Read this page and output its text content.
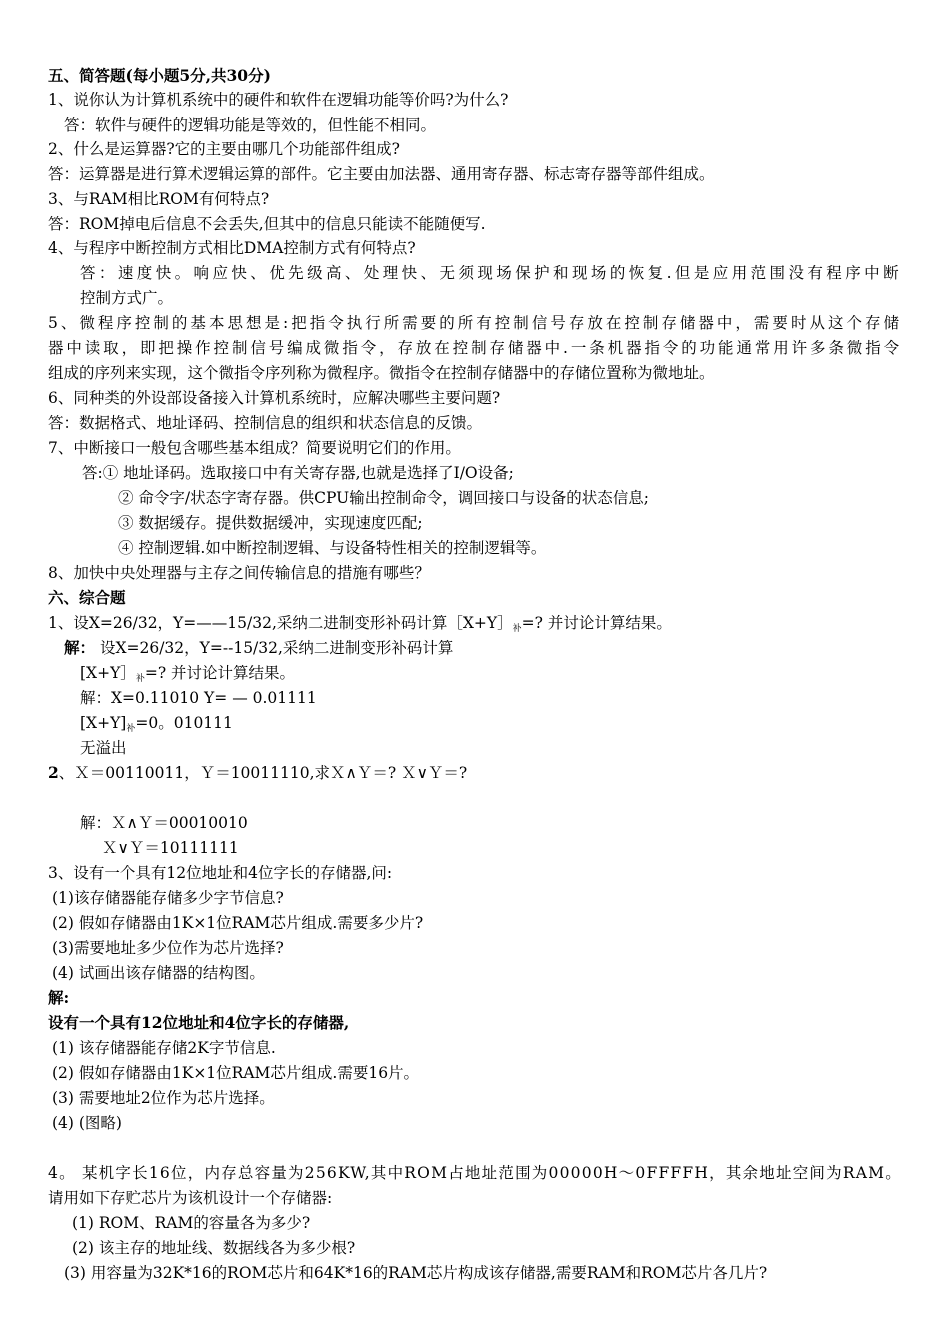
五、简答题(每小题5分,共30分)
1、说你认为计算机系统中的硬件和软件在逻辑功能等价吗?为什么?
答：软件与硬件的逻辑功能是等效的，但性能不相同。
2、什么是运算器?它的主要由哪几个功能部件组成?
答：运算器是进行算术逻辑运算的部件。它主要由加法器、通用寄存器、标志寄存器等部件组成。
3、与RAM相比ROM有何特点?
答：ROM掉电后信息不会丢失,但其中的信息只能读不能随便写.
4、与程序中断控制方式相比DMA控制方式有何特点?
答：速度快。响应快、优先级高、处理快、无须现场保护和现场的恢复.但是应用范围没有程序中断
控制方式广。
5、微程序控制的基本思想是:把指令执行所需要的所有控制信号存放在控制存储器中，需要时从这个存储
器中读取，即把操作控制信号编成微指令，存放在控制存储器中.一条机器指令的功能通常用许多条微指令
组成的序列来实现，这个微指令序列称为微程序。微指令在控制存储器中的存储位置称为微地址。
6、同种类的外设部设备接入计算机系统时，应解决哪些主要问题?
答：数据格式、地址译码、控制信息的组织和状态信息的反馈。
7、中断接口一般包含哪些基本组成？简要说明它们的作用。
答:① 地址译码。选取接口中有关寄存器,也就是选择了I/O设备;
② 命令字/状态字寄存器。供CPU输出控制命令，调回接口与设备的状态信息;
③ 数据缓存。提供数据缓冲，实现速度匹配;
④ 控制逻辑.如中断控制逻辑、与设备特性相关的控制逻辑等。
8、加快中央处理器与主存之间传输信息的措施有哪些？
六、综合题
1、设X=26/32，Y=——15/32,采纳二进制变形补码计算$[X+Y]_补=$? 并讨论计算结果。
解： 设X=26/32，Y=--15/32,采纳二进制变形补码计算
[$X+Y]_补=$? 并讨论计算结果。
解：X=0.11010 Y= — 0.01111
$[X+Y]_补=0$。010111
无溢出
2、Ｘ＝00110011，Ｙ＝10011110,求Ｘ∧Ｙ＝? Ｘ∨Ｙ＝?
解：Ｘ∧Ｙ＝00010010
Ｘ∨Ｙ＝10111111
3、设有一个具有12位地址和4位字长的存储器,问:
(1)该存储器能存储多少字节信息?
(2) 假如存储器由1K×1位RAM芯片组成.需要多少片?
(3)需要地址多少位作为芯片选择?
(4) 试画出该存储器的结构图。
解:
设有一个具有12位地址和4位字长的存储器,
(1) 该存储器能存储2K字节信息.
(2) 假如存储器由1K×1位RAM芯片组成.需要16片。
(3) 需要地址2位作为芯片选择。
(4) (图略)
4。 某机字长16位，内存总容量为256KW,其中ROM占地址范围为00000H～0FFFFH，其余地址空间为RAM。
请用如下存贮芯片为该机设计一个存储器:
(1) ROM、RAM的容量各为多少?
(2) 该主存的地址线、数据线各为多少根?
(3) 用容量为32K*16的ROM芯片和64K*16的RAM芯片构成该存储器,需要RAM和ROM芯片各几片?
